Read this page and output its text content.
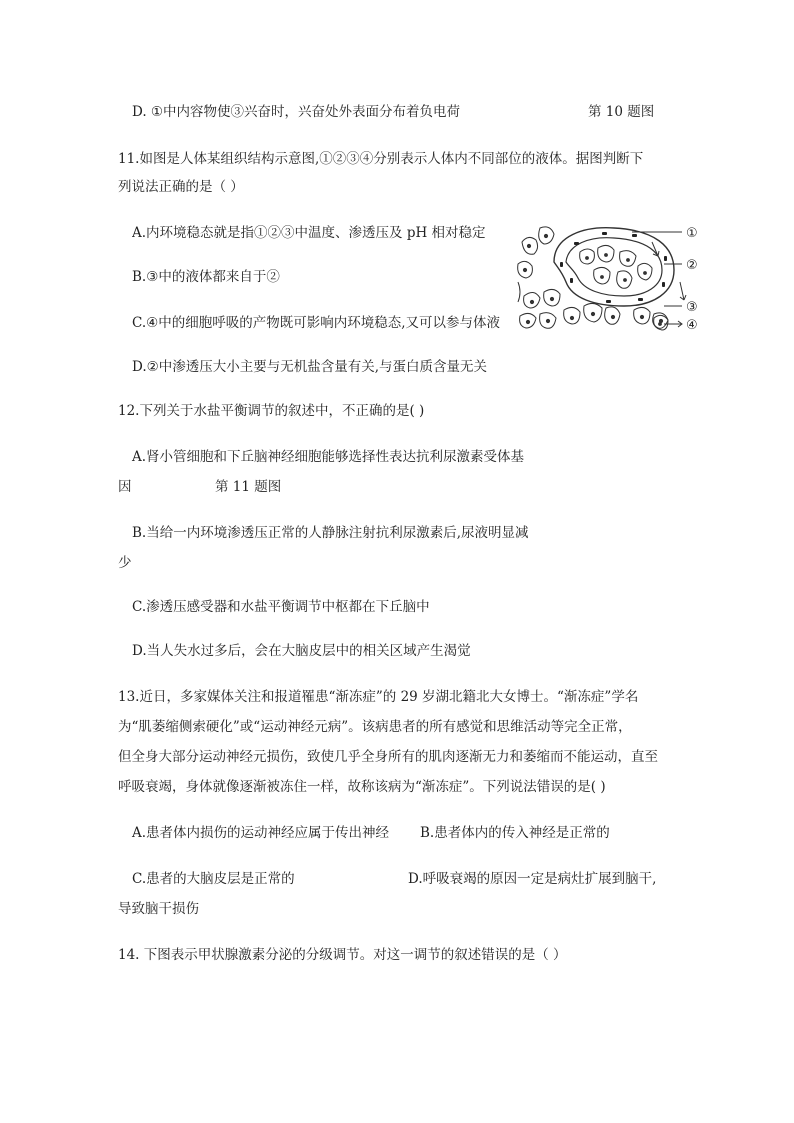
D. ①中内容物使③兴奋时，兴奋处外表面分布着负电荷	第 10 题图
11.如图是人体某组织结构示意图,①②③④分别表示人体内不同部位的液体。据图判断下
列说法正确的是（ ）
A.内环境稳态就是指①②③中温度、渗透压及 pH 相对稳定
B.③中的液体都来自于②
C.④中的细胞呼吸的产物既可影响内环境稳态,又可以参与体液
D.②中渗透压大小主要与无机盐含量有关,与蛋白质含量无关
①
②
③
④
12.下列关于水盐平衡调节的叙述中，不正确的是( )
A.肾小管细胞和下丘脑神经细胞能够选择性表达抗利尿激素受体基
因	第 11 题图
B.当给一内环境渗透压正常的人静脉注射抗利尿激素后,尿液明显减
少
C.渗透压感受器和水盐平衡调节中枢都在下丘脑中
D.当人失水过多后，会在大脑皮层中的相关区域产生渴觉
13.近日，多家媒体关注和报道罹患“渐冻症”的 29 岁湖北籍北大女博士。“渐冻症”学名
为“肌萎缩侧索硬化”或“运动神经元病”。该病患者的所有感觉和思维活动等完全正常，
但全身大部分运动神经元损伤，致使几乎全身所有的肌肉逐渐无力和萎缩而不能运动，直至
呼吸衰竭，身体就像逐渐被冻住一样，故称该病为“渐冻症”。下列说法错误的是( )
A.患者体内损伤的运动神经应属于传出神经 B.患者体内的传入神经是正常的
C.患者的大脑皮层是正常的	D.呼吸衰竭的原因一定是病灶扩展到脑干,
导致脑干损伤
14. 下图表示甲状腺激素分泌的分级调节。对这一调节的叙述错误的是（ ）
